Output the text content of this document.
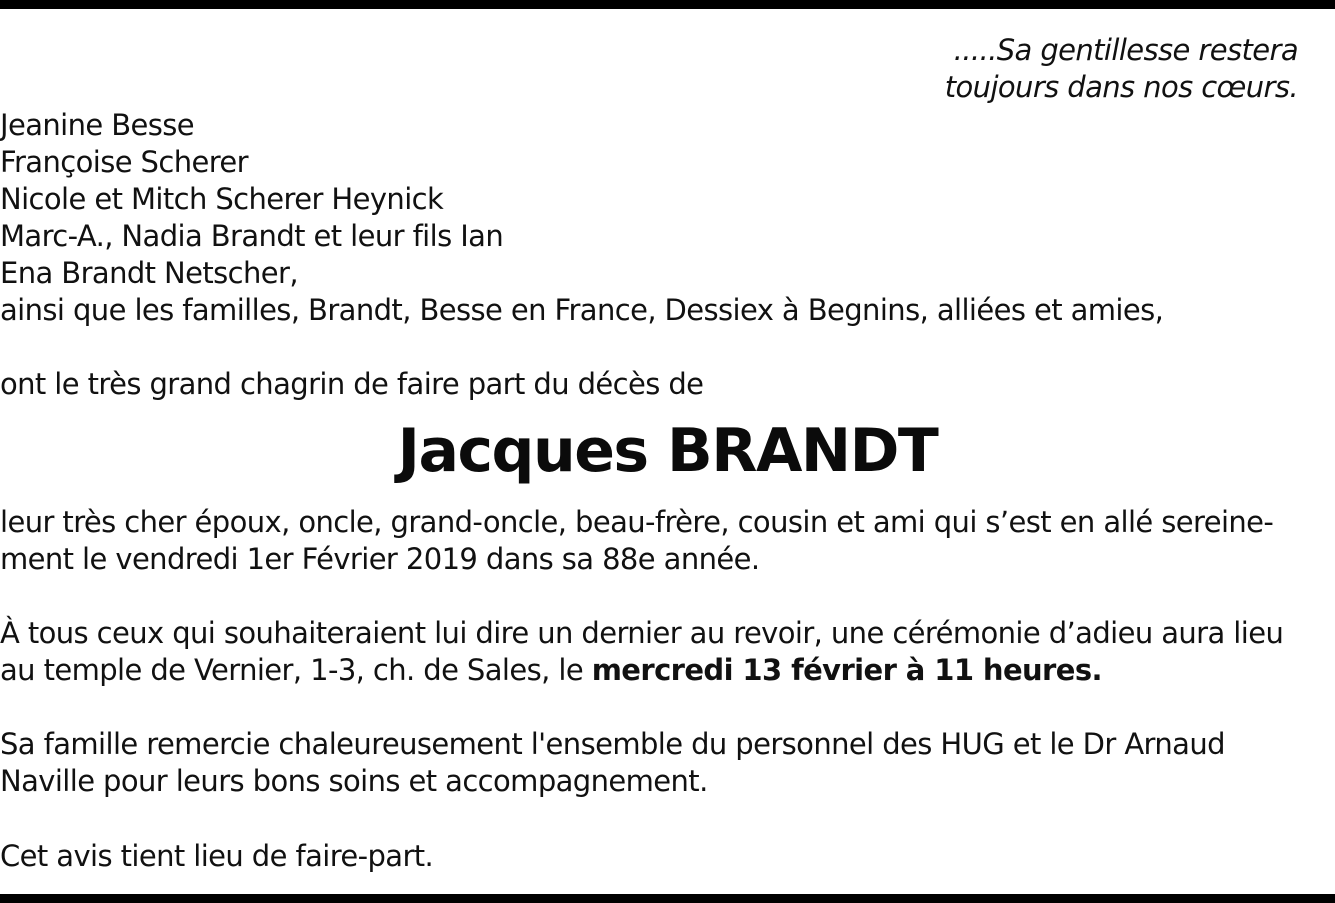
.....Sa gentillesse restera
toujours dans nos cœurs.
Jeanine Besse
Françoise Scherer
Nicole et Mitch Scherer Heynick
Marc-A., Nadia Brandt et leur fils Ian
Ena Brandt Netscher,
ainsi que les familles, Brandt, Besse en France, Dessiex à Begnins, alliées et amies,
ont le très grand chagrin de faire part du décès de
Jacques BRANDT
leur très cher époux, oncle, grand-oncle, beau-frère, cousin et ami qui s’est en allé sereine-
ment le vendredi 1er Février 2019 dans sa 88e année.
À tous ceux qui souhaiteraient lui dire un dernier au revoir, une cérémonie d’adieu aura lieu
au temple de Vernier, 1-3, ch. de Sales, le mercredi 13 février à 11 heures.
Sa famille remercie chaleureusement l'ensemble du personnel des HUG et le Dr Arnaud
Naville pour leurs bons soins et accompagnement.
Cet avis tient lieu de faire-part.
